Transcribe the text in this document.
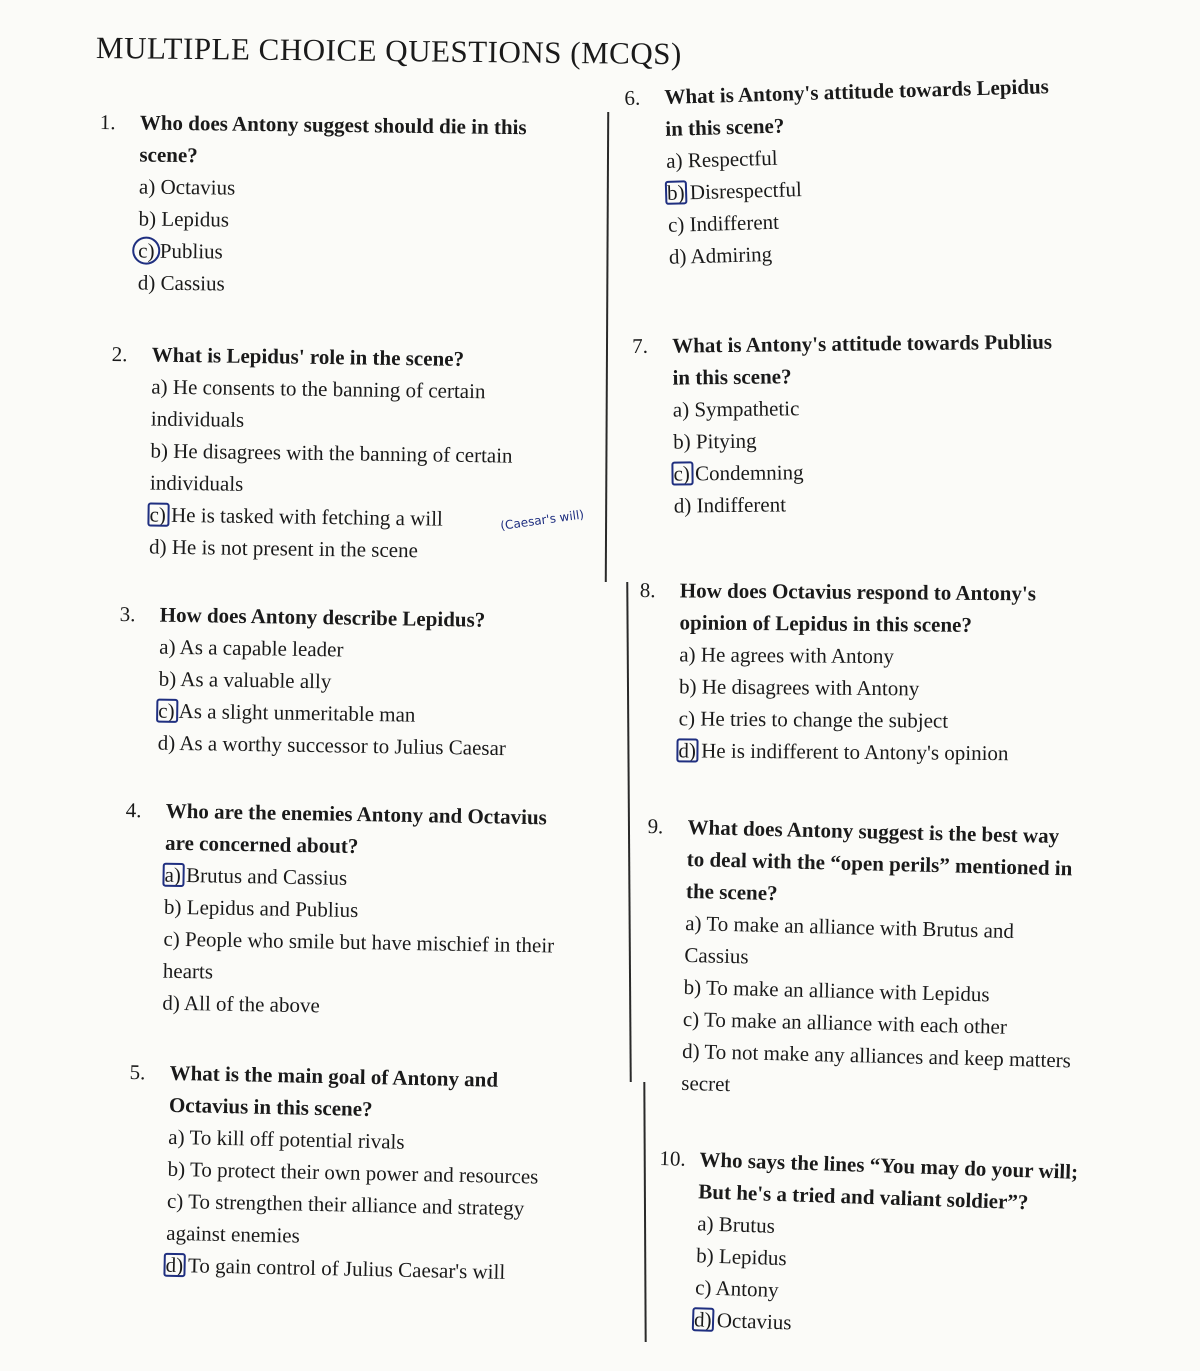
MULTIPLE CHOICE QUESTIONS (MCQS)
1.	Who does Antony suggest should die in this
scene?
a) Octavius
b) Lepidus
c) Publius
d) Cassius
2.	What is Lepidus' role in the scene?
a) He consents to the banning of certain
individuals
b) He disagrees with the banning of certain
individuals
c) He is tasked with fetching a will
d) He is not present in the scene
3.	How does Antony describe Lepidus?
a) As a capable leader
b) As a valuable ally
c) As a slight unmeritable man
d) As a worthy successor to Julius Caesar
4.	Who are the enemies Antony and Octavius
are concerned about?
a) Brutus and Cassius
b) Lepidus and Publius
c) People who smile but have mischief in their
hearts
d) All of the above
5.	What is the main goal of Antony and
Octavius in this scene?
a) To kill off potential rivals
b) To protect their own power and resources
c) To strengthen their alliance and strategy
against enemies
d) To gain control of Julius Caesar's will
6.	What is Antony's attitude towards Lepidus
in this scene?
a) Respectful
b) Disrespectful
c) Indifferent
d) Admiring
7.	What is Antony's attitude towards Publius
in this scene?
a) Sympathetic
b) Pitying
c) Condemning
d) Indifferent
8.	How does Octavius respond to Antony's
opinion of Lepidus in this scene?
a) He agrees with Antony
b) He disagrees with Antony
c) He tries to change the subject
d) He is indifferent to Antony's opinion
9.	What does Antony suggest is the best way
to deal with the “open perils” mentioned in
the scene?
a) To make an alliance with Brutus and
Cassius
b) To make an alliance with Lepidus
c) To make an alliance with each other
d) To not make any alliances and keep matters
secret
10. Who says the lines “You may do your will;
But he's a tried and valiant soldier”?
a) Brutus
b) Lepidus
c) Antony
d) Octavius
(Caesar's will)
